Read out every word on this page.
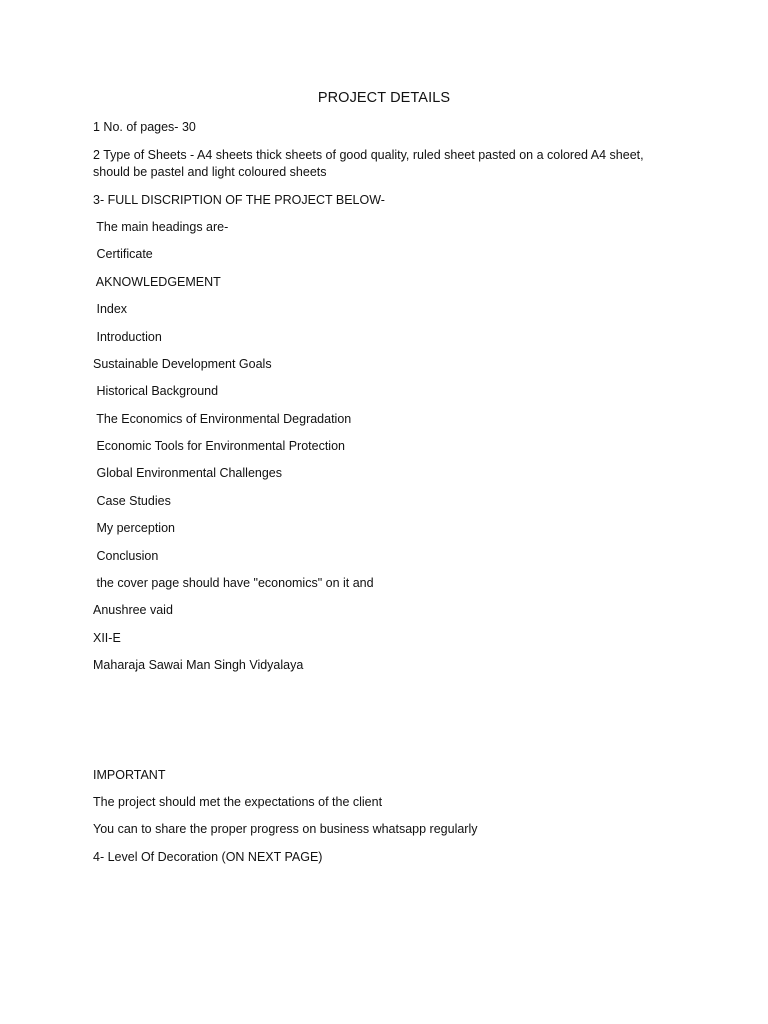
PROJECT DETAILS
1 No. of pages- 30
2 Type of Sheets - A4 sheets thick sheets of good quality, ruled sheet pasted on a colored A4 sheet, should be pastel and light coloured sheets
3- FULL DISCRIPTION OF THE PROJECT BELOW-
The main headings are-
Certificate
AKNOWLEDGEMENT
Index
Introduction
Sustainable Development Goals
Historical Background
The Economics of Environmental Degradation
Economic Tools for Environmental Protection
Global Environmental Challenges
Case Studies
My perception
Conclusion
the cover page should have "economics" on it and
Anushree vaid
XII-E
Maharaja Sawai Man Singh Vidyalaya
IMPORTANT
The project should met the expectations of the client
You can to share the proper progress on business whatsapp regularly
4- Level Of Decoration (ON NEXT PAGE)
